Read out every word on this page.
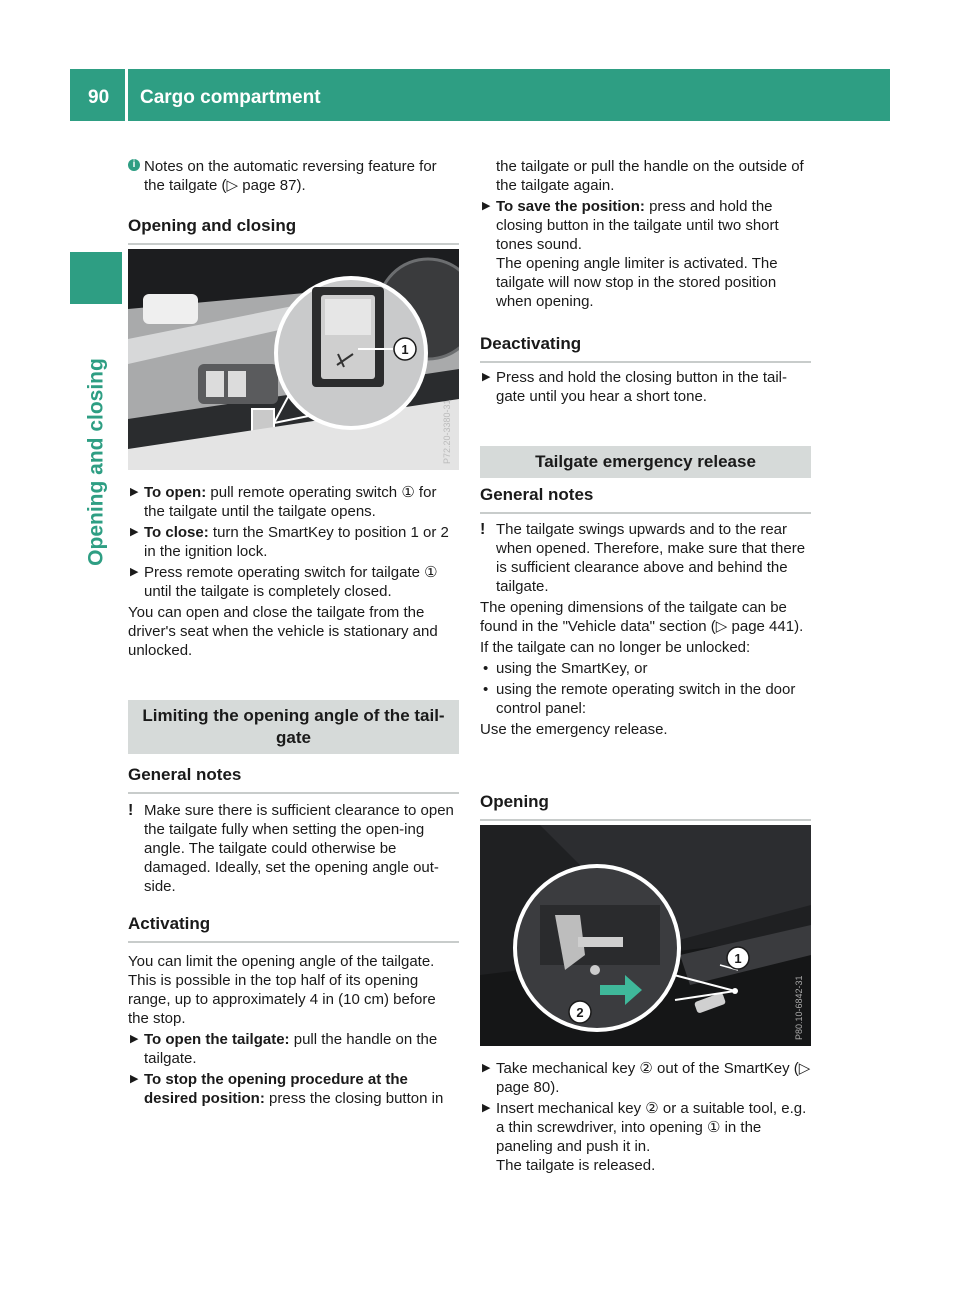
90 Cargo compartment
Opening and closing
i Notes on the automatic reversing feature for the tailgate (▷ page 87).
Opening and closing
1
P72.20-3380-31
▶ To open: pull remote operating switch ① for the tailgate until the tailgate opens.
▶ To close: turn the SmartKey to position 1 or 2 in the ignition lock.
▶ Press remote operating switch for tailgate ① until the tailgate is completely closed.

You can open and close the tailgate from the driver's seat when the vehicle is stationary and unlocked.

Limiting the opening angle of the tail-gate
General notes
! Make sure there is sufficient clearance to open the tailgate fully when setting the open-ing angle. The tailgate could otherwise be damaged. Ideally, set the opening angle out-side.
Activating

You can limit the opening angle of the tailgate. This is possible in the top half of its opening range, up to approximately 4 in (10 cm) before the stop.

▶ To open the tailgate: pull the handle on the tailgate.
▶ To stop the opening procedure at the desired position: press the closing button in
the tailgate or pull the handle on the outside of the tailgate again.
▶ To save the position: press and hold the closing button in the tailgate until two short tones sound.
The opening angle limiter is activated. The tailgate will now stop in the stored position when opening.
Deactivating
▶ Press and hold the closing button in the tail-gate until you hear a short tone.
Tailgate emergency release
General notes
! The tailgate swings upwards and to the rear when opened. Therefore, make sure that there is sufficient clearance above and behind the tailgate.

The opening dimensions of the tailgate can be found in the "Vehicle data" section (▷ page 441).

If the tailgate can no longer be unlocked:

• using the SmartKey, or
• using the remote operating switch in the door control panel:

Use the emergency release.

Opening
1
2	P80.10-6842-31
▶ Take mechanical key ② out of the SmartKey (▷ page 80).
▶ Insert mechanical key ② or a suitable tool, e.g. a thin screwdriver, into opening ① in the paneling and push it in.
The tailgate is released.
